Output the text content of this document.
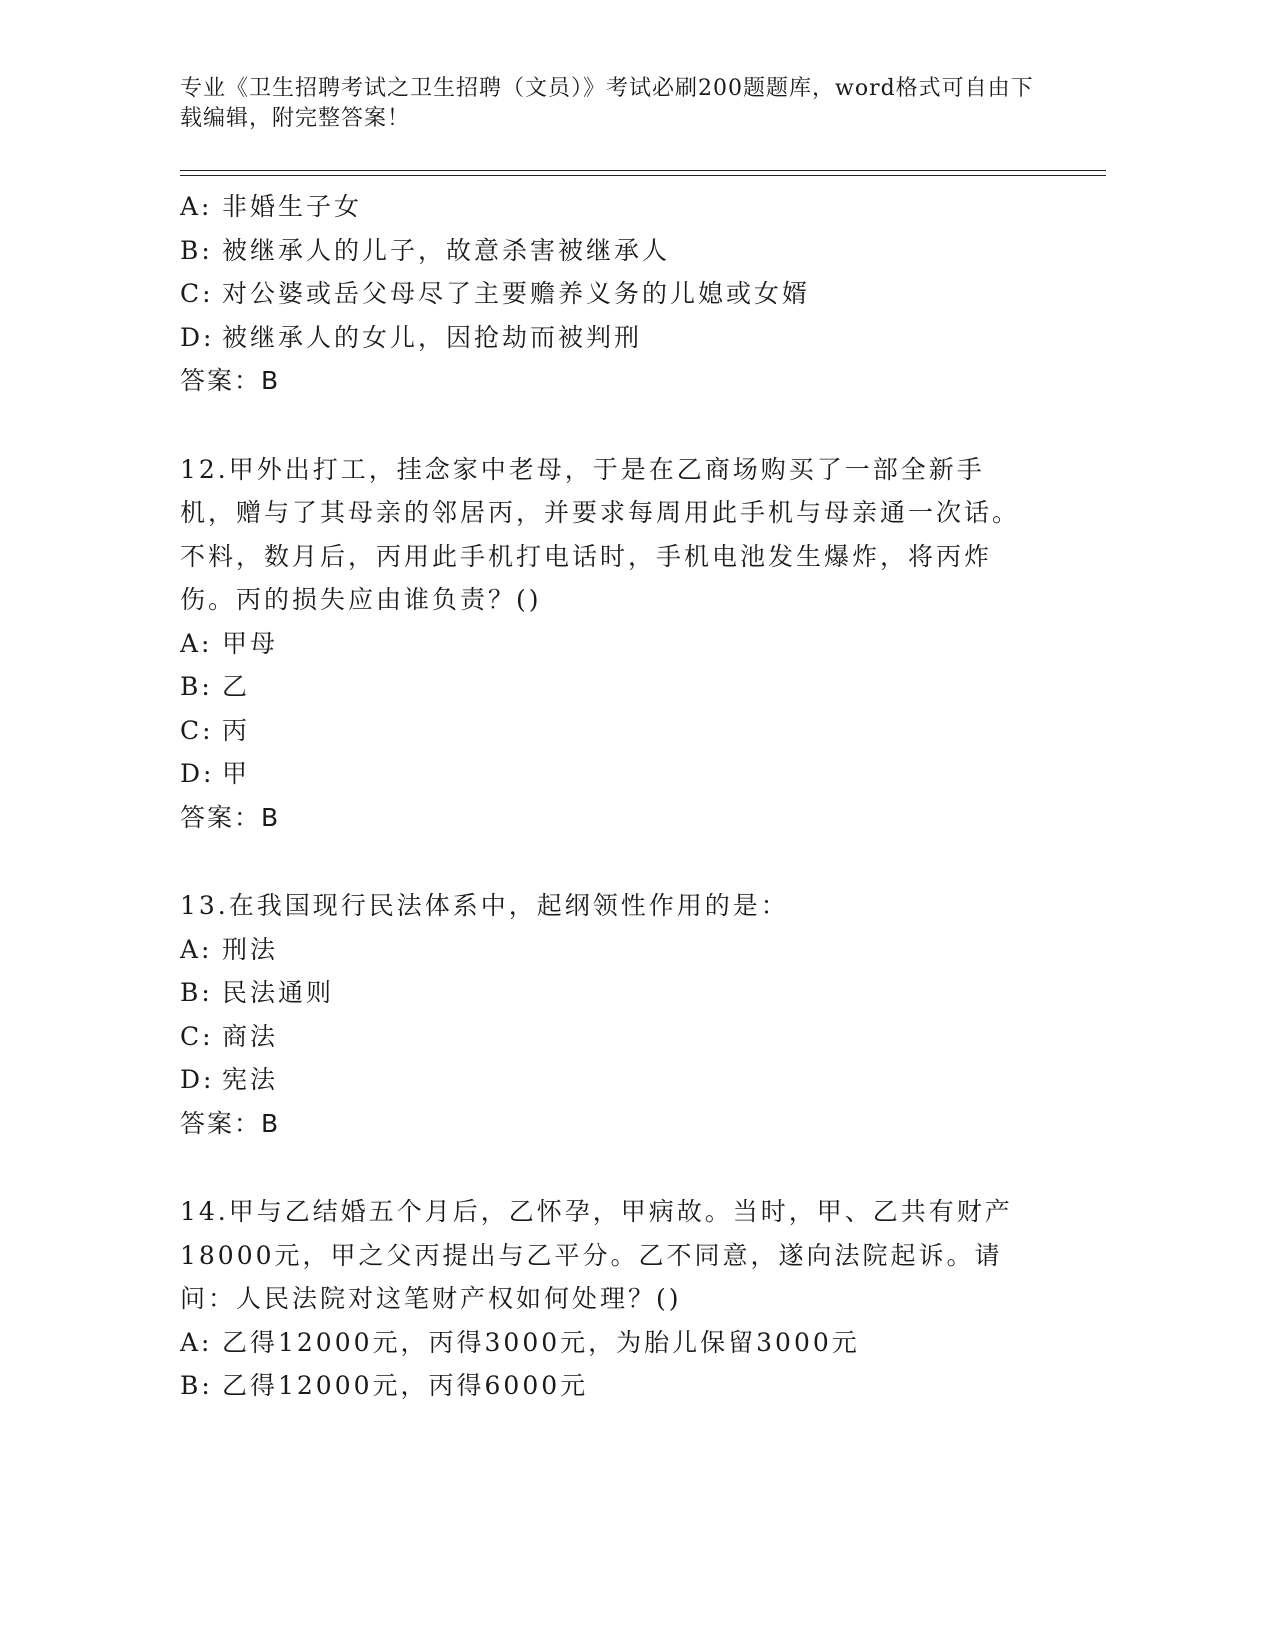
专业《卫生招聘考试之卫生招聘（文员）》考试必刷200题题库，word格式可自由下载编辑，附完整答案！
A: 非婚生子女
B: 被继承人的儿子，故意杀害被继承人
C: 对公婆或岳父母尽了主要赡养义务的儿媳或女婿
D: 被继承人的女儿，因抢劫而被判刑
答案：B
12.甲外出打工，挂念家中老母，于是在乙商场购买了一部全新手机，赠与了其母亲的邻居丙，并要求每周用此手机与母亲通一次话。不料，数月后，丙用此手机打电话时，手机电池发生爆炸，将丙炸伤。丙的损失应由谁负责？()
A: 甲母
B: 乙
C: 丙
D: 甲
答案：B
13.在我国现行民法体系中，起纲领性作用的是：
A: 刑法
B: 民法通则
C: 商法
D: 宪法
答案：B
14.甲与乙结婚五个月后，乙怀孕，甲病故。当时，甲、乙共有财产18000元，甲之父丙提出与乙平分。乙不同意，遂向法院起诉。请问：人民法院对这笔财产权如何处理？()
A: 乙得12000元，丙得3000元，为胎儿保留3000元
B: 乙得12000元，丙得6000元
